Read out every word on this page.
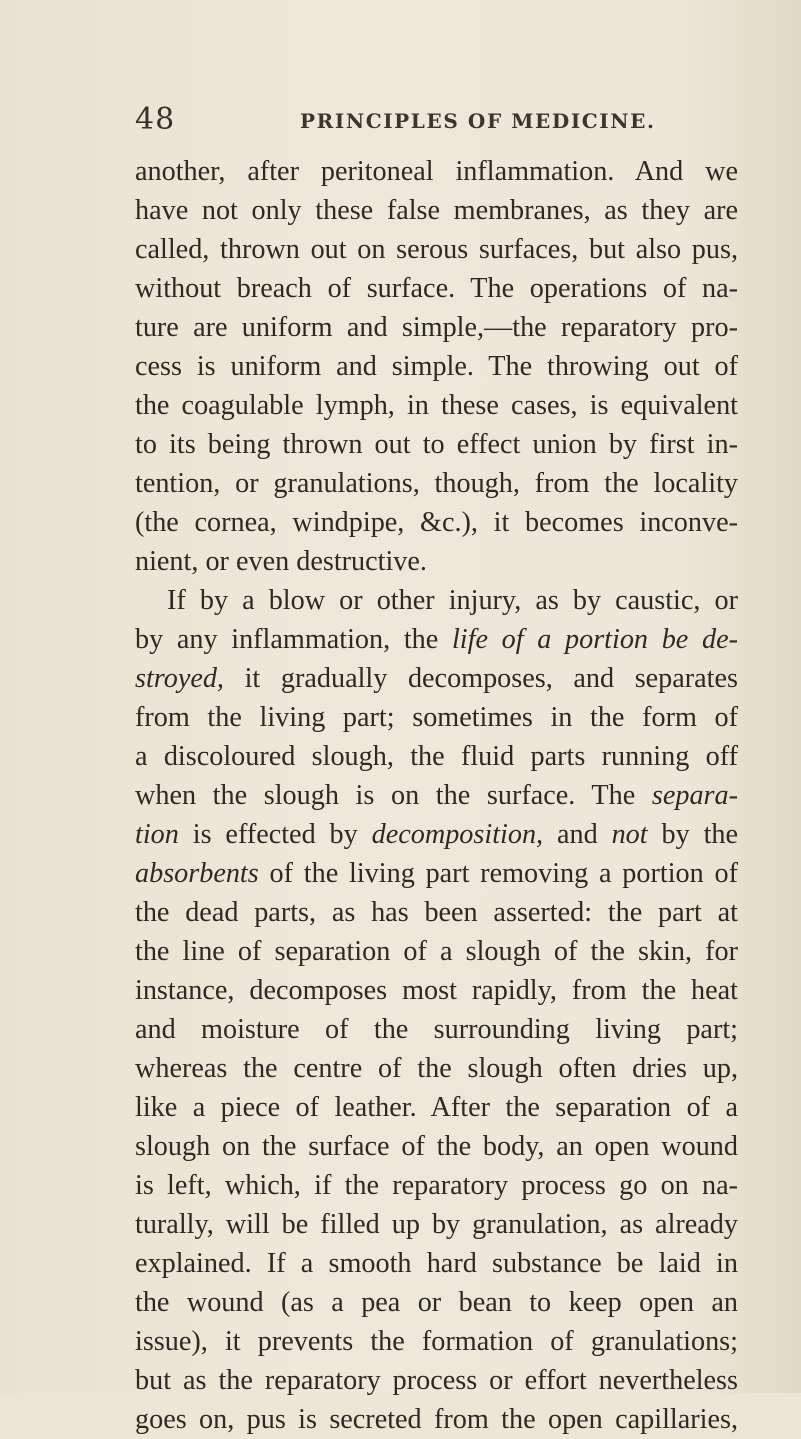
48	PRINCIPLES OF MEDICINE.
another, after peritoneal inflammation. And we
have not only these false membranes, as they are
called, thrown out on serous surfaces, but also pus,
without breach of surface. The operations of na-
ture are uniform and simple,—the reparatory pro-
cess is uniform and simple. The throwing out of
the coagulable lymph, in these cases, is equivalent
to its being thrown out to effect union by first in-
tention, or granulations, though, from the locality
(the cornea, windpipe, &c.), it becomes inconve-
nient, or even destructive.
If by a blow or other injury, as by caustic, or
by any inflammation, the life of a portion be de-
stroyed, it gradually decomposes, and separates
from the living part; sometimes in the form of
a discoloured slough, the fluid parts running off
when the slough is on the surface. The separa-
tion is effected by decomposition, and not by the
absorbents of the living part removing a portion of
the dead parts, as has been asserted: the part at
the line of separation of a slough of the skin, for
instance, decomposes most rapidly, from the heat
and moisture of the surrounding living part;
whereas the centre of the slough often dries up,
like a piece of leather. After the separation of a
slough on the surface of the body, an open wound
is left, which, if the reparatory process go on na-
turally, will be filled up by granulation, as already
explained. If a smooth hard substance be laid in
the wound (as a pea or bean to keep open an
issue), it prevents the formation of granulations;
but as the reparatory process or effort nevertheless
goes on, pus is secreted from the open capillaries,
